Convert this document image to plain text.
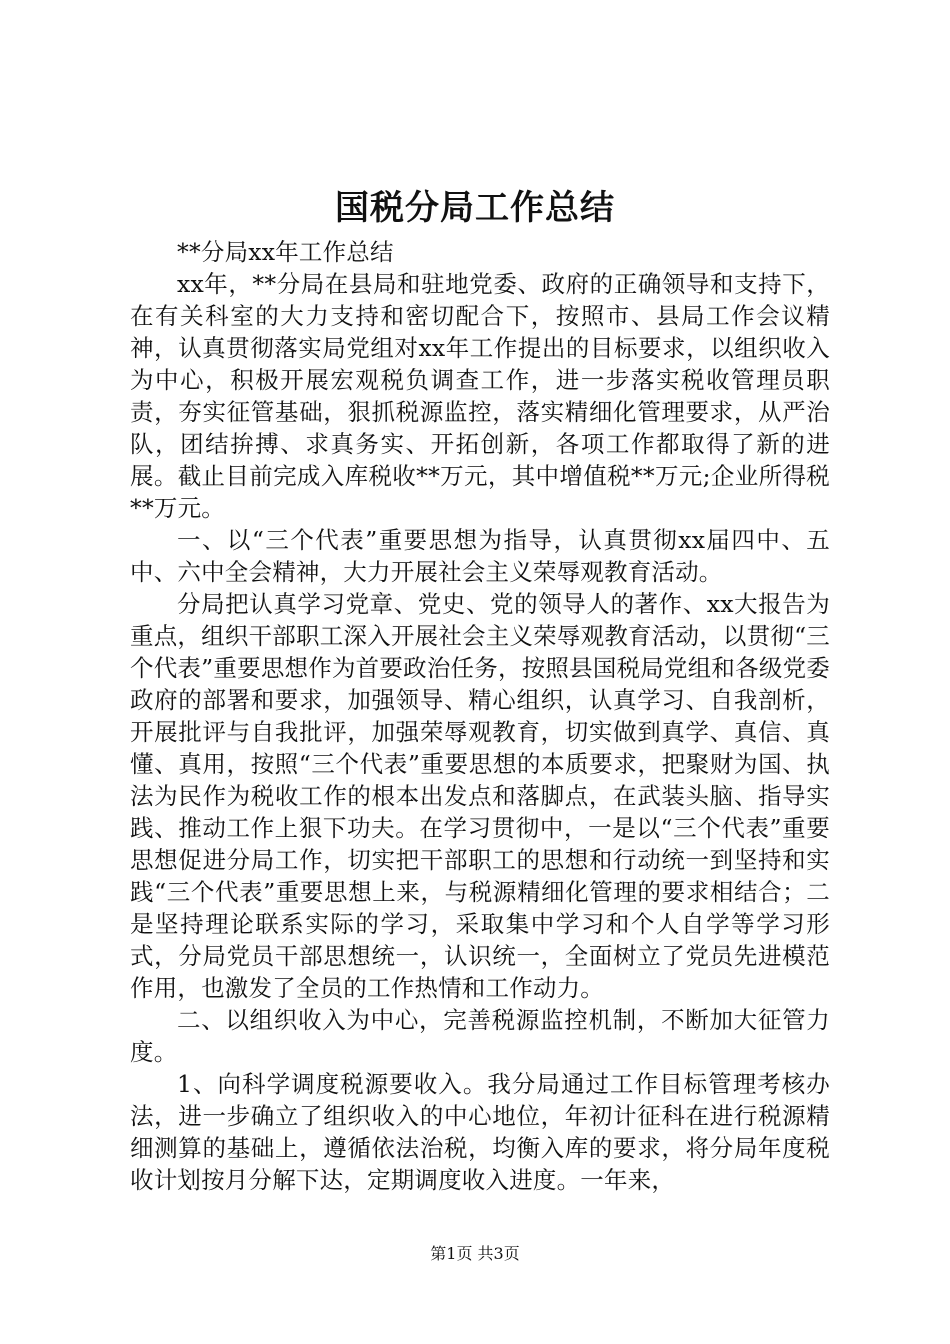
国税分局工作总结

**分局xx年工作总结

xx年，**分局在县局和驻地党委、政府的正确领导和支持下，在有关科室的大力支持和密切配合下，按照市、县局工作会议精神，认真贯彻落实局党组对xx年工作提出的目标要求，以组织收入为中心，积极开展宏观税负调查工作，进一步落实税收管理员职责，夯实征管基础，狠抓税源监控，落实精细化管理要求，从严治队，团结拚搏、求真务实、开拓创新，各项工作都取得了新的进展。截止目前完成入库税收**万元，其中增值税**万元;企业所得税**万元。

一、以“三个代表”重要思想为指导，认真贯彻xx届四中、五中、六中全会精神，大力开展社会主义荣辱观教育活动。

分局把认真学习党章、党史、党的领导人的著作、xx大报告为重点，组织干部职工深入开展社会主义荣辱观教育活动，以贯彻“三个代表”重要思想作为首要政治任务，按照县国税局党组和各级党委政府的部署和要求，加强领导、精心组织，认真学习、自我剖析，开展批评与自我批评，加强荣辱观教育，切实做到真学、真信、真懂、真用，按照“三个代表”重要思想的本质要求，把聚财为国、执法为民作为税收工作的根本出发点和落脚点，在武装头脑、指导实践、推动工作上狠下功夫。在学习贯彻中，一是以“三个代表”重要思想促进分局工作，切实把干部职工的思想和行动统一到坚持和实践“三个代表”重要思想上来，与税源精细化管理的要求相结合；二是坚持理论联系实际的学习，采取集中学习和个人自学等学习形式，分局党员干部思想统一，认识统一，全面树立了党员先进模范作用，也激发了全员的工作热情和工作动力。

二、以组织收入为中心，完善税源监控机制，不断加大征管力度。

1、向科学调度税源要收入。我分局通过工作目标管理考核办法，进一步确立了组织收入的中心地位，年初计征科在进行税源精细测算的基础上，遵循依法治税，均衡入库的要求，将分局年度税收计划按月分解下达，定期调度收入进度。一年来，

第1页 共3页
